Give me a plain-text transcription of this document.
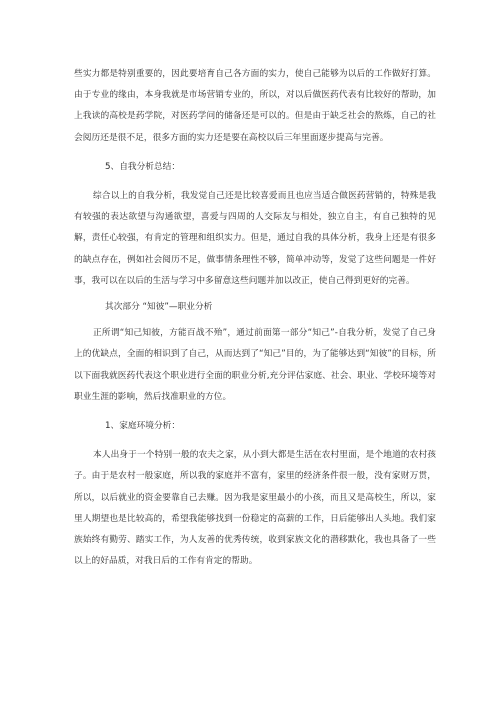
些实力都是特别重要的，因此要培育自己各方面的实力，使自己能够为以后的工作做好打算。由于专业的缘由，本身我就是市场营销专业的，所以，对以后做医药代表有比较好的帮助，加上我读的高校是药学院，对医药学问的储备还是可以的。但是由于缺乏社会的熬炼，自己的社会阅历还是很不足，很多方面的实力还是要在高校以后三年里面逐步提高与完善。

5、自我分析总结：

综合以上的自我分析，我发觉自己还是比较喜爱而且也应当适合做医药营销的，特殊是我有较强的表达欲望与沟通欲望，喜爱与四周的人交际友与相处，独立自主，有自己独特的见解，责任心较强，有肯定的管理和组织实力。但是，通过自我的具体分析，我身上还是有很多的缺点存在，例如社会阅历不足，做事情条理性不够，简单冲动等，发觉了这些问题是一件好事，我可以在以后的生活与学习中多留意这些问题并加以改正，使自己得到更好的完善。

其次部分 “知彼”—职业分析

正所谓“知己知彼，方能百战不殆”，通过前面第一部分“知己”-自我分析，发觉了自己身上的优缺点，全面的相识到了自己，从而达到了“知己”目的，为了能够达到“知彼”的目标，所以下面我就医药代表这个职业进行全面的职业分析,充分评估家庭、社会、职业、学校环境等对职业生涯的影响，然后找准职业的方位。

1、家庭环境分析：

本人出身于一个特别一般的农夫之家，从小到大都是生活在农村里面，是个地道的农村孩子。由于是农村一般家庭，所以我的家庭并不富有，家里的经济条件很一般，没有家财万贯，所以，以后就业的资金要靠自己去赚。因为我是家里最小的小孩，而且又是高校生，所以，家里人期望也是比较高的，希望我能够找到一份稳定的高薪的工作，日后能够出人头地。我们家族始终有勤劳、踏实工作，为人友善的优秀传统，收到家族文化的潜移默化，我也具备了一些以上的好品质，对我日后的工作有肯定的帮助。
